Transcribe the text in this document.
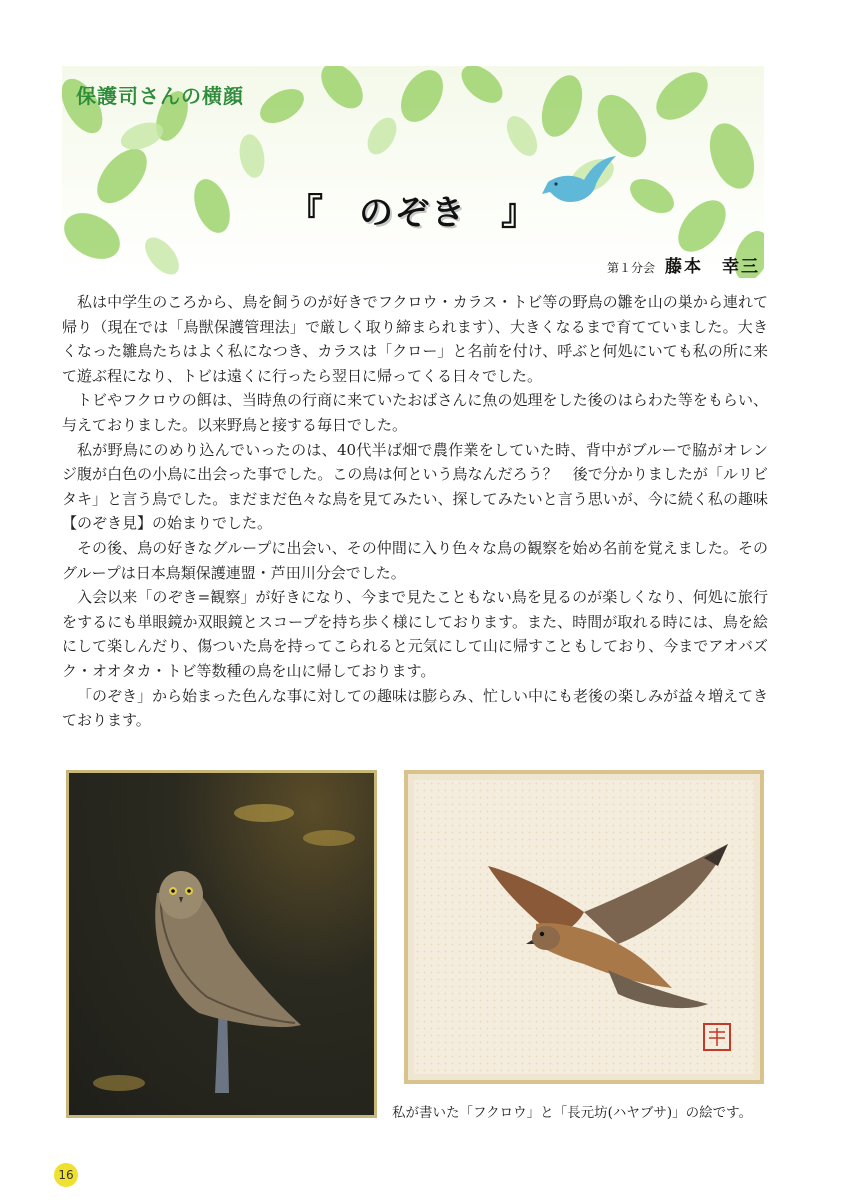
保護司さんの横顔
『 のぞき 』
第１分会 藤本　幸三

私は中学生のころから、鳥を飼うのが好きでフクロウ・カラス・トビ等の野鳥の雛を山の巣から連れて帰り（現在では「鳥獣保護管理法」で厳しく取り締まられます）、大きくなるまで育てていました。大きくなった雛鳥たちはよく私になつき、カラスは「クロー」と名前を付け、呼ぶと何処にいても私の所に来て遊ぶ程になり、トビは遠くに行ったら翌日に帰ってくる日々でした。

トビやフクロウの餌は、当時魚の行商に来ていたおばさんに魚の処理をした後のはらわた等をもらい、与えておりました。以来野鳥と接する毎日でした。

私が野鳥にのめり込んでいったのは、40代半ば畑で農作業をしていた時、背中がブルーで脇がオレンジ腹が白色の小鳥に出会った事でした。この鳥は何という鳥なんだろう？　後で分かりましたが「ルリビタキ」と言う鳥でした。まだまだ色々な鳥を見てみたい、探してみたいと言う思いが、今に続く私の趣味【のぞき見】の始まりでした。

その後、鳥の好きなグループに出会い、その仲間に入り色々な鳥の観察を始め名前を覚えました。そのグループは日本鳥類保護連盟・芦田川分会でした。

入会以来「のぞき=観察」が好きになり、今まで見たこともない鳥を見るのが楽しくなり、何処に旅行をするにも単眼鏡か双眼鏡とスコープを持ち歩く様にしております。また、時間が取れる時には、鳥を絵にして楽しんだり、傷ついた鳥を持ってこられると元気にして山に帰すこともしており、今までアオバズク・オオタカ・トビ等数種の鳥を山に帰しております。

「のぞき」から始まった色んな事に対しての趣味は膨らみ、忙しい中にも老後の楽しみが益々増えてきております。

私が書いた「フクロウ」と「長元坊(ハヤブサ)」の絵です。
16
